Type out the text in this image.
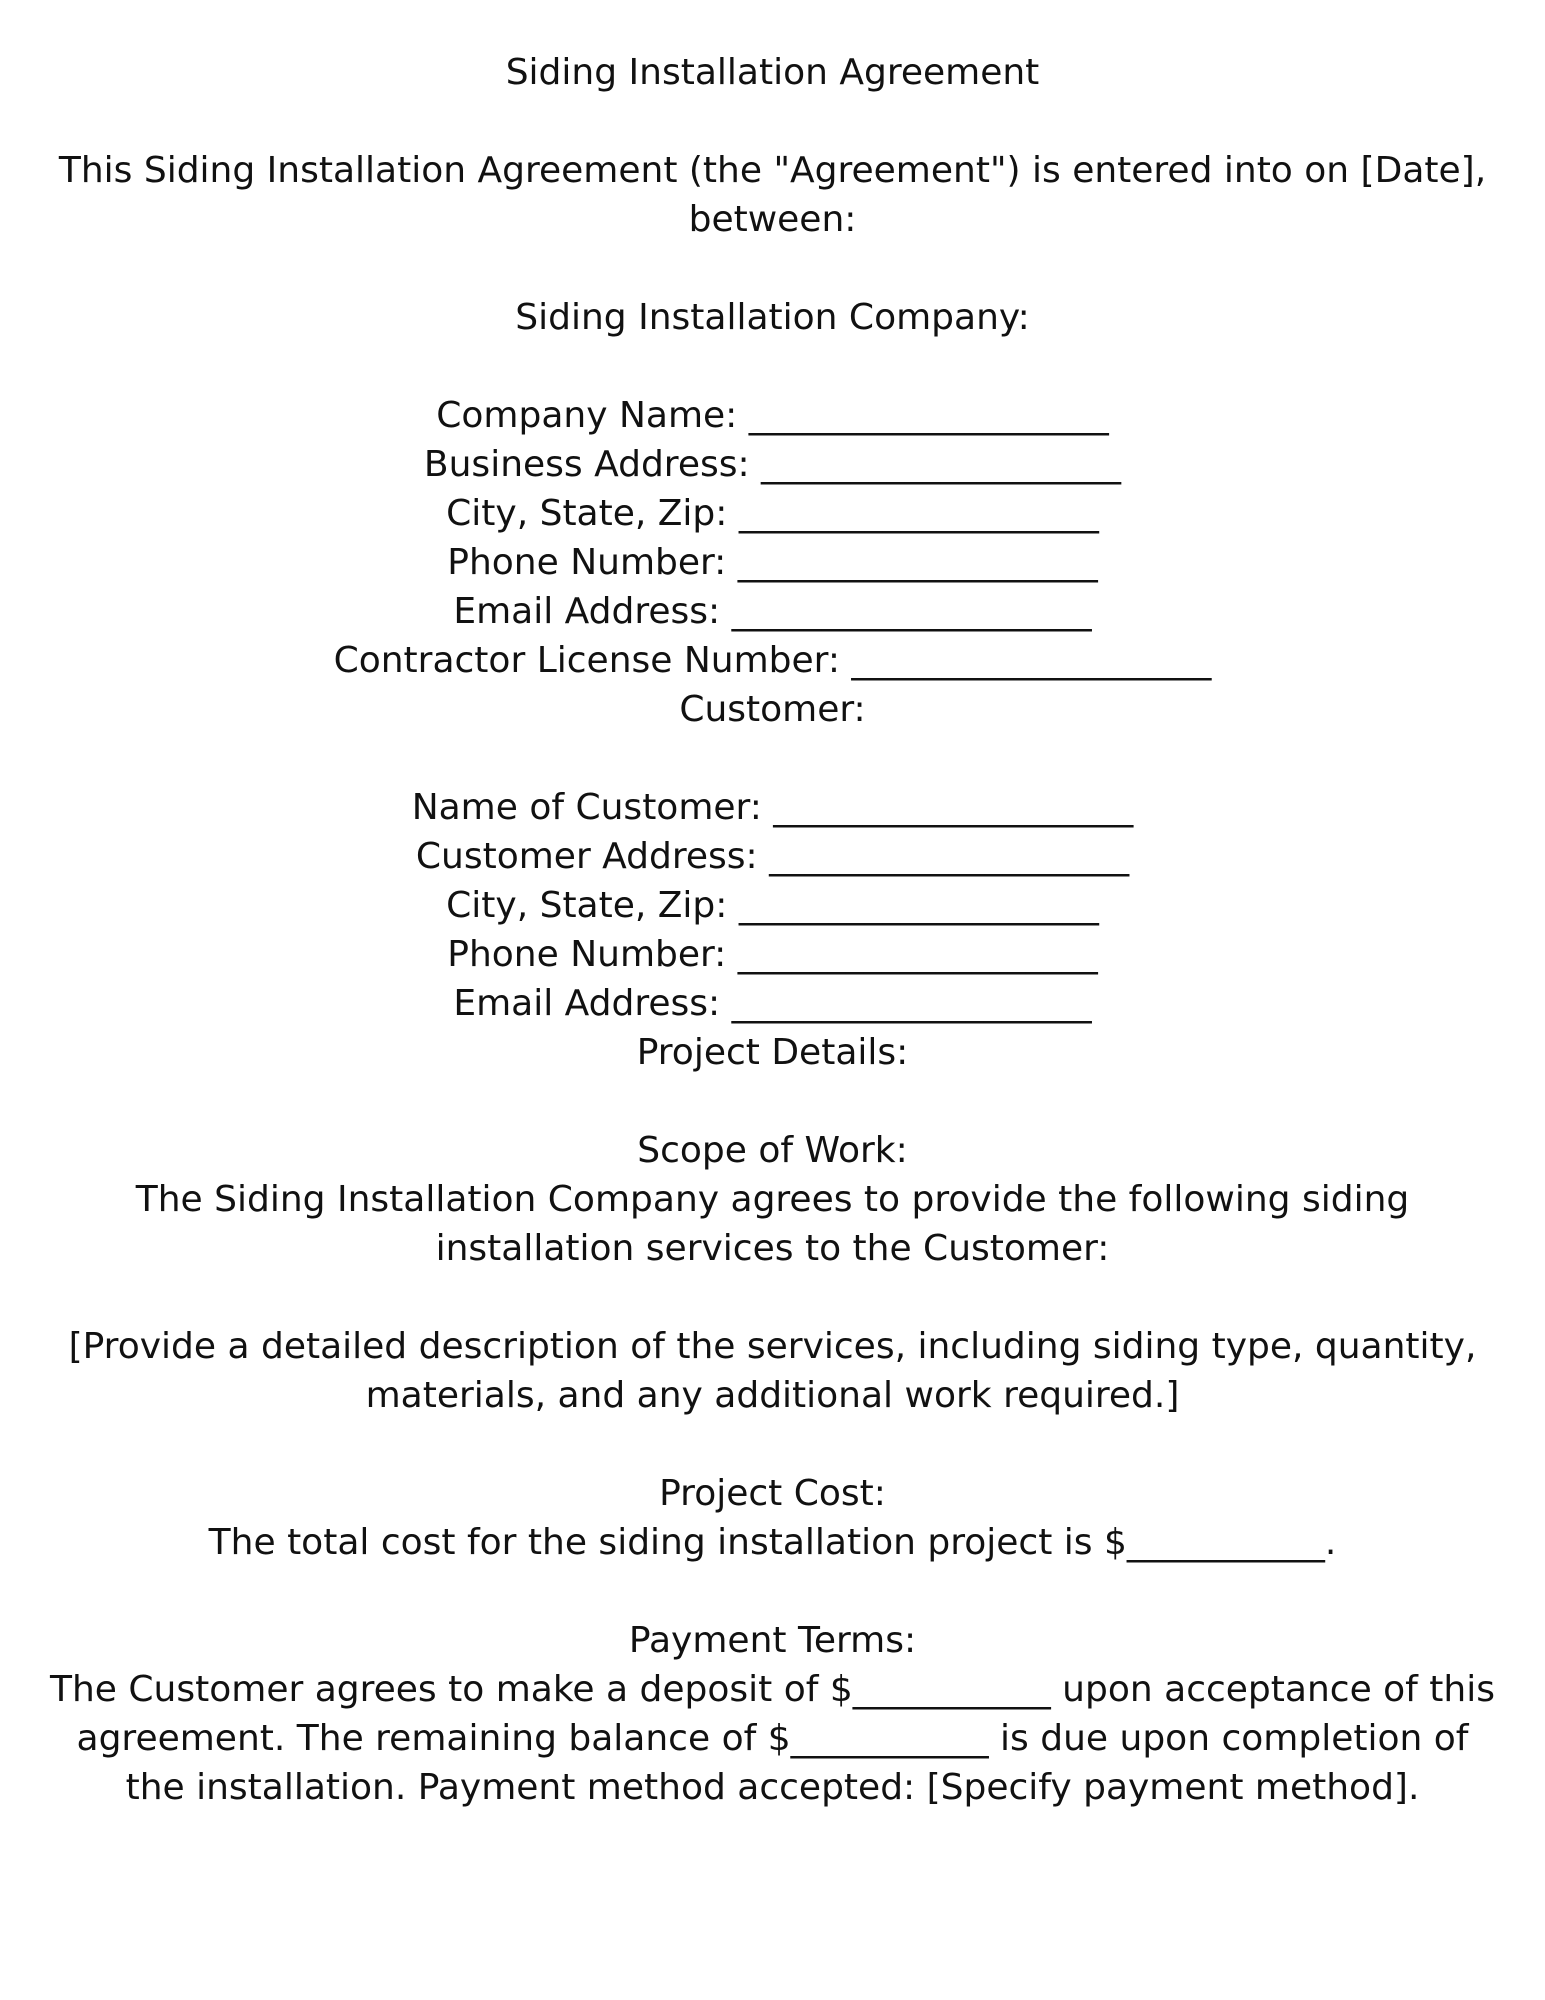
Siding Installation Agreement
This Siding Installation Agreement (the "Agreement") is entered into on [Date],
between:
Siding Installation Company:
Company Name: ____________________
Business Address: ____________________
City, State, Zip: ____________________
Phone Number: ____________________
Email Address: ____________________
Contractor License Number: ____________________
Customer:
Name of Customer: ____________________
Customer Address: ____________________
City, State, Zip: ____________________
Phone Number: ____________________
Email Address: ____________________
Project Details:
Scope of Work:
The Siding Installation Company agrees to provide the following siding
installation services to the Customer:
[Provide a detailed description of the services, including siding type, quantity,
materials, and any additional work required.]
Project Cost:
The total cost for the siding installation project is $___________.
Payment Terms:
The Customer agrees to make a deposit of $___________ upon acceptance of this
agreement. The remaining balance of $___________ is due upon completion of
the installation. Payment method accepted: [Specify payment method].
